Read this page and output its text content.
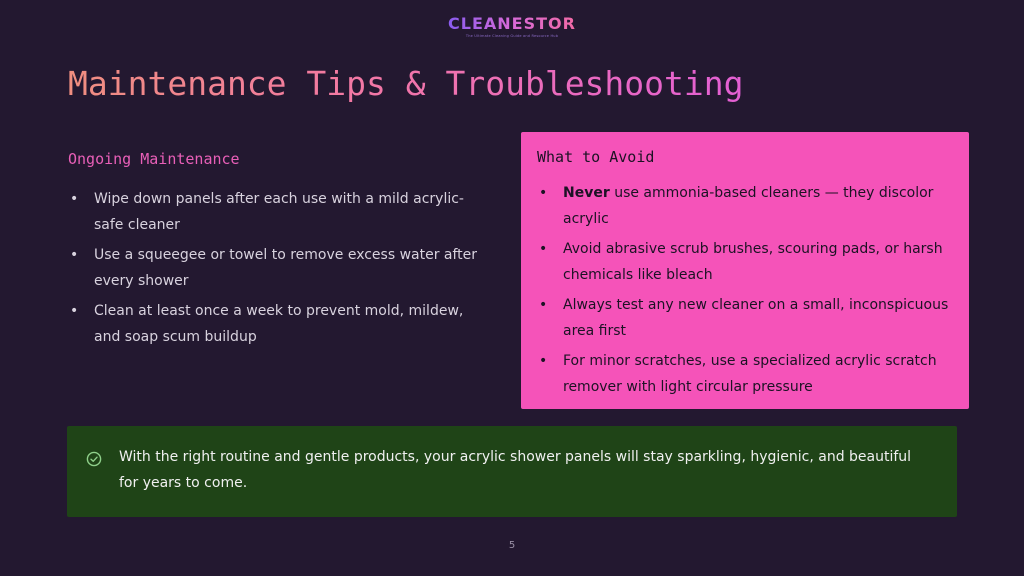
CLEANESTOR
The Ultimate Cleaning Guide and Resource Hub
Maintenance Tips & Troubleshooting
Ongoing Maintenance
• Wipe down panels after each use with a mild acrylic-safe cleaner
• Use a squeegee or towel to remove excess water after every shower
• Clean at least once a week to prevent mold, mildew, and soap scum buildup
What to Avoid
• Never use ammonia-based cleaners — they discolor acrylic
• Avoid abrasive scrub brushes, scouring pads, or harsh chemicals like bleach
• Always test any new cleaner on a small, inconspicuous area first
• For minor scratches, use a specialized acrylic scratch remover with light circular pressure

With the right routine and gentle products, your acrylic shower panels will stay sparkling, hygienic, and beautiful for years to come.

5
